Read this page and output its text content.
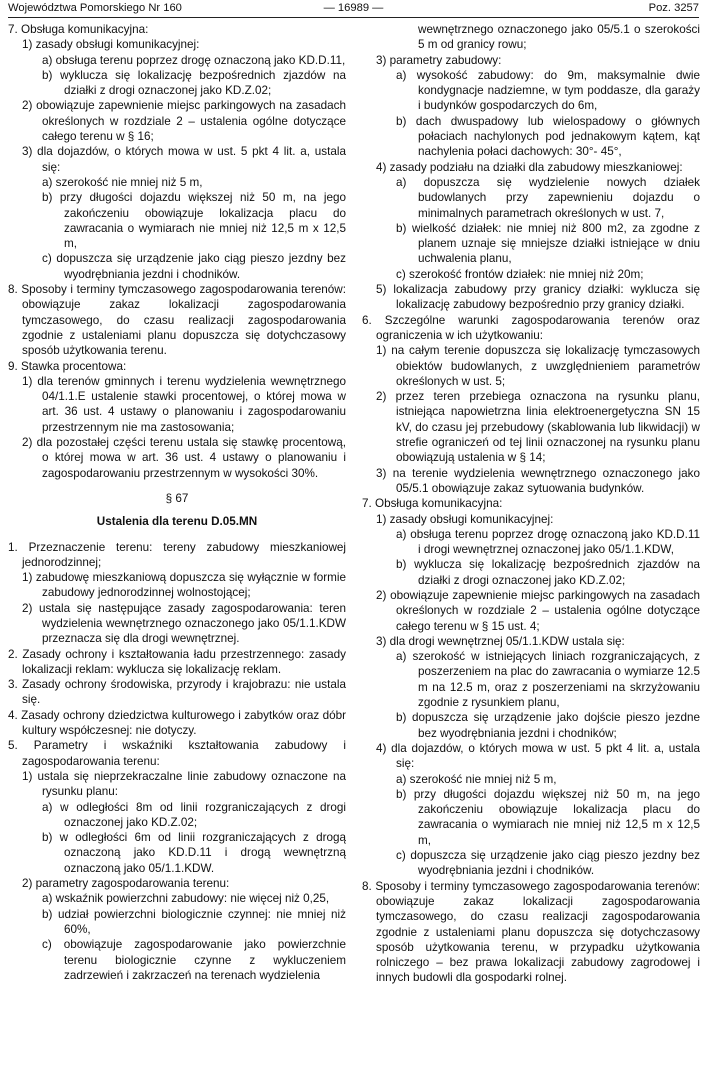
Województwa Pomorskiego Nr 160	— 16989 —	Poz. 3257

7. Obsługa komunikacyjna:

1) zasady obsługi komunikacyjnej:

a) obsługa terenu poprzez drogę oznaczoną jako KD.D.11,

b) wyklucza się lokalizację bezpośrednich zjazdów na działki z drogi oznaczonej jako KD.Z.02;

2) obowiązuje zapewnienie miejsc parkingowych na zasadach określonych w rozdziale 2 – ustalenia ogólne dotyczące całego terenu w § 16;

3) dla dojazdów, o których mowa w ust. 5 pkt 4 lit. a, ustala się:

a) szerokość nie mniej niż 5 m,

b) przy długości dojazdu większej niż 50 m, na jego zakończeniu obowiązuje lokalizacja placu do zawracania o wymiarach nie mniej niż 12,5 m x 12,5 m,

c) dopuszcza się urządzenie jako ciąg pieszo jezdny bez wyodrębniania jezdni i chodników.

8. Sposoby i terminy tymczasowego zagospodarowania terenów: obowiązuje zakaz lokalizacji zagospodarowania tymczasowego, do czasu realizacji zagospodarowania zgodnie z ustaleniami planu dopuszcza się dotychczasowy sposób użytkowania terenu.

9. Stawka procentowa:

1) dla terenów gminnych i terenu wydzielenia wewnętrznego 04/1.1.E ustalenie stawki procentowej, o której mowa w art. 36 ust. 4 ustawy o planowaniu i zagospodarowaniu przestrzennym nie ma zastosowania;

2) dla pozostałej części terenu ustala się stawkę procentową, o której mowa w art. 36 ust. 4 ustawy o planowaniu i zagospodarowaniu przestrzennym w wysokości 30%.

§ 67

Ustalenia dla terenu D.05.MN

1. Przeznaczenie terenu: tereny zabudowy mieszkaniowej jednorodzinnej;

1) zabudowę mieszkaniową dopuszcza się wyłącznie w formie zabudowy jednorodzinnej wolnostojącej;

2) ustala się następujące zasady zagospodarowania: teren wydzielenia wewnętrznego oznaczonego jako 05/1.1.KDW przeznacza się dla drogi wewnętrznej.

2. Zasady ochrony i kształtowania ładu przestrzennego: zasady lokalizacji reklam: wyklucza się lokalizację reklam.

3. Zasady ochrony środowiska, przyrody i krajobrazu: nie ustala się.

4. Zasady ochrony dziedzictwa kulturowego i zabytków oraz dóbr kultury współczesnej: nie dotyczy.

5. Parametry i wskaźniki kształtowania zabudowy i zagospodarowania terenu:

1) ustala się nieprzekraczalne linie zabudowy oznaczone na rysunku planu:

a) w odległości 8m od linii rozgraniczających z drogi oznaczonej jako KD.Z.02;

b) w odległości 6m od linii rozgraniczających z drogą oznaczoną jako KD.D.11 i drogą wewnętrzną oznaczoną jako 05/1.1.KDW.

2) parametry zagospodarowania terenu:

a) wskaźnik powierzchni zabudowy: nie więcej niż 0,25,

b) udział powierzchni biologicznie czynnej: nie mniej niż 60%,

c) obowiązuje zagospodarowanie jako powierzchnie terenu biologicznie czynne z wykluczeniem zadrzewień i zakrzaczeń na terenach wydzielenia

wewnętrznego oznaczonego jako 05/5.1 o szerokości 5 m od granicy rowu;

3) parametry zabudowy:

a) wysokość zabudowy: do 9m, maksymalnie dwie kondygnacje nadziemne, w tym poddasze, dla garaży i budynków gospodarczych do 6m,

b) dach dwuspadowy lub wielospadowy o głównych połaciach nachylonych pod jednakowym kątem, kąt nachylenia połaci dachowych: 30°- 45°,

4) zasady podziału na działki dla zabudowy mieszkaniowej:

a) dopuszcza się wydzielenie nowych działek budowlanych przy zapewnieniu dojazdu o minimalnych parametrach określonych w ust. 7,

b) wielkość działek: nie mniej niż 800 m2, za zgodne z planem uznaje się mniejsze działki istniejące w dniu uchwalenia planu,

c) szerokość frontów działek: nie mniej niż 20m;

5) lokalizacja zabudowy przy granicy działki: wyklucza się lokalizację zabudowy bezpośrednio przy granicy działki.

6. Szczególne warunki zagospodarowania terenów oraz ograniczenia w ich użytkowaniu:

1) na całym terenie dopuszcza się lokalizację tymczasowych obiektów budowlanych, z uwzględnieniem parametrów określonych w ust. 5;

2) przez teren przebiega oznaczona na rysunku planu, istniejąca napowietrzna linia elektroenergetyczna SN 15 kV, do czasu jej przebudowy (skablowania lub likwidacji) w strefie ograniczeń od tej linii oznaczonej na rysunku planu obowiązują ustalenia w § 14;

3) na terenie wydzielenia wewnętrznego oznaczonego jako 05/5.1 obowiązuje zakaz sytuowania budynków.

7. Obsługa komunikacyjna:

1) zasady obsługi komunikacyjnej:

a) obsługa terenu poprzez drogę oznaczoną jako KD.D.11 i drogi wewnętrznej oznaczonej jako 05/1.1.KDW,

b) wyklucza się lokalizację bezpośrednich zjazdów na działki z drogi oznaczonej jako KD.Z.02;

2) obowiązuje zapewnienie miejsc parkingowych na zasadach określonych w rozdziale 2 – ustalenia ogólne dotyczące całego terenu w § 15 ust. 4;

3) dla drogi wewnętrznej 05/1.1.KDW ustala się:

a) szerokość w istniejących liniach rozgraniczających, z poszerzeniem na plac do zawracania o wymiarze 12.5 m na 12.5 m, oraz z poszerzeniami na skrzyżowaniu zgodnie z rysunkiem planu,

b) dopuszcza się urządzenie jako dojście pieszo jezdne bez wyodrębniania jezdni i chodników;

4) dla dojazdów, o których mowa w ust. 5 pkt 4 lit. a, ustala się:

a) szerokość nie mniej niż 5 m,

b) przy długości dojazdu większej niż 50 m, na jego zakończeniu obowiązuje lokalizacja placu do zawracania o wymiarach nie mniej niż 12,5 m x 12,5 m,

c) dopuszcza się urządzenie jako ciąg pieszo jezdny bez wyodrębniania jezdni i chodników.

8. Sposoby i terminy tymczasowego zagospodarowania terenów: obowiązuje zakaz lokalizacji zagospodarowania tymczasowego, do czasu realizacji zagospodarowania zgodnie z ustaleniami planu dopuszcza się dotychczasowy sposób użytkowania terenu, w przypadku użytkowania rolniczego – bez prawa lokalizacji zabudowy zagrodowej i innych budowli dla gospodarki rolnej.
